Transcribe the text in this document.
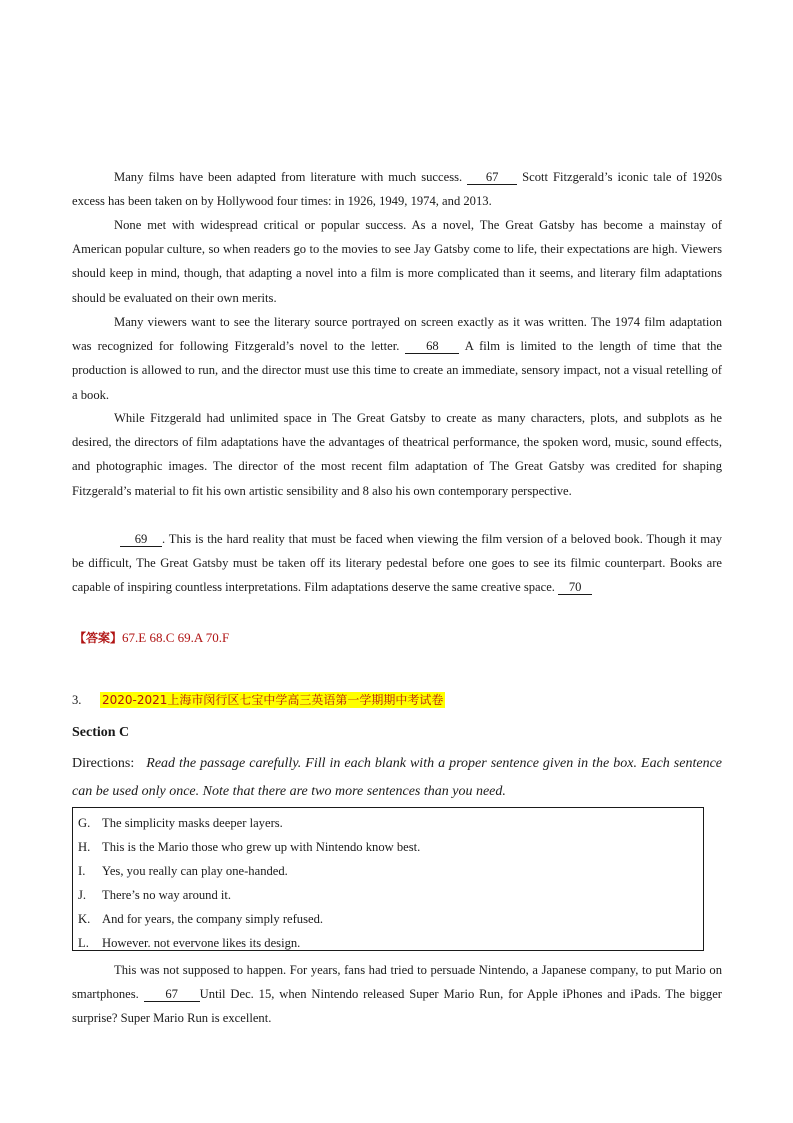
Many films have been adapted from literature with much success. 67 Scott Fitzgerald’s iconic tale of 1920s excess has been taken on by Hollywood four times: in 1926, 1949, 1974, and 2013.

None met with widespread critical or popular success. As a novel, The Great Gatsby has become a mainstay of American popular culture, so when readers go to the movies to see Jay Gatsby come to life, their expectations are high. Viewers should keep in mind, though, that adapting a novel into a film is more complicated than it seems, and literary film adaptations should be evaluated on their own merits.

Many viewers want to see the literary source portrayed on screen exactly as it was written. The 1974 film adaptation was recognized for following Fitzgerald’s novel to the letter. 68 A film is limited to the length of time that the production is allowed to run, and the director must use this time to create an immediate, sensory impact, not a visual retelling of a book.

While Fitzgerald had unlimited space in The Great Gatsby to create as many characters, plots, and subplots as he desired, the directors of film adaptations have the advantages of theatrical performance, the spoken word, music, sound effects, and photographic images. The director of the most recent film adaptation of The Great Gatsby was credited for shaping Fitzgerald’s material to fit his own artistic sensibility and 8 also his own contemporary perspective.

69 . This is the hard reality that must be faced when viewing the film version of a beloved book. Though it may be difficult, The Great Gatsby must be taken off its literary pedestal before one goes to see its filmic counterpart. Books are capable of inspiring countless interpretations. Film adaptations deserve the same creative space. 70

【答案】67.E 68.C 69.A 70.F
3. 2020-2021上海市闵行区七宝中学高三英语第一学期期中考试卷
Section C
Directions: Read the passage carefully. Fill in each blank with a proper sentence given in the box. Each sentence can be used only once. Note that there are two more sentences than you need.
G. The simplicity masks deeper layers.
H. This is the Mario those who grew up with Nintendo know best.
I. Yes, you really can play one-handed.
J. There’s no way around it.
K. And for years, the company simply refused.
L. However. not evervone likes its design.

This was not supposed to happen. For years, fans had tried to persuade Nintendo, a Japanese company, to put Mario on smartphones. 67 Until Dec. 15, when Nintendo released Super Mario Run, for Apple iPhones and iPads. The bigger surprise? Super Mario Run is excellent.
